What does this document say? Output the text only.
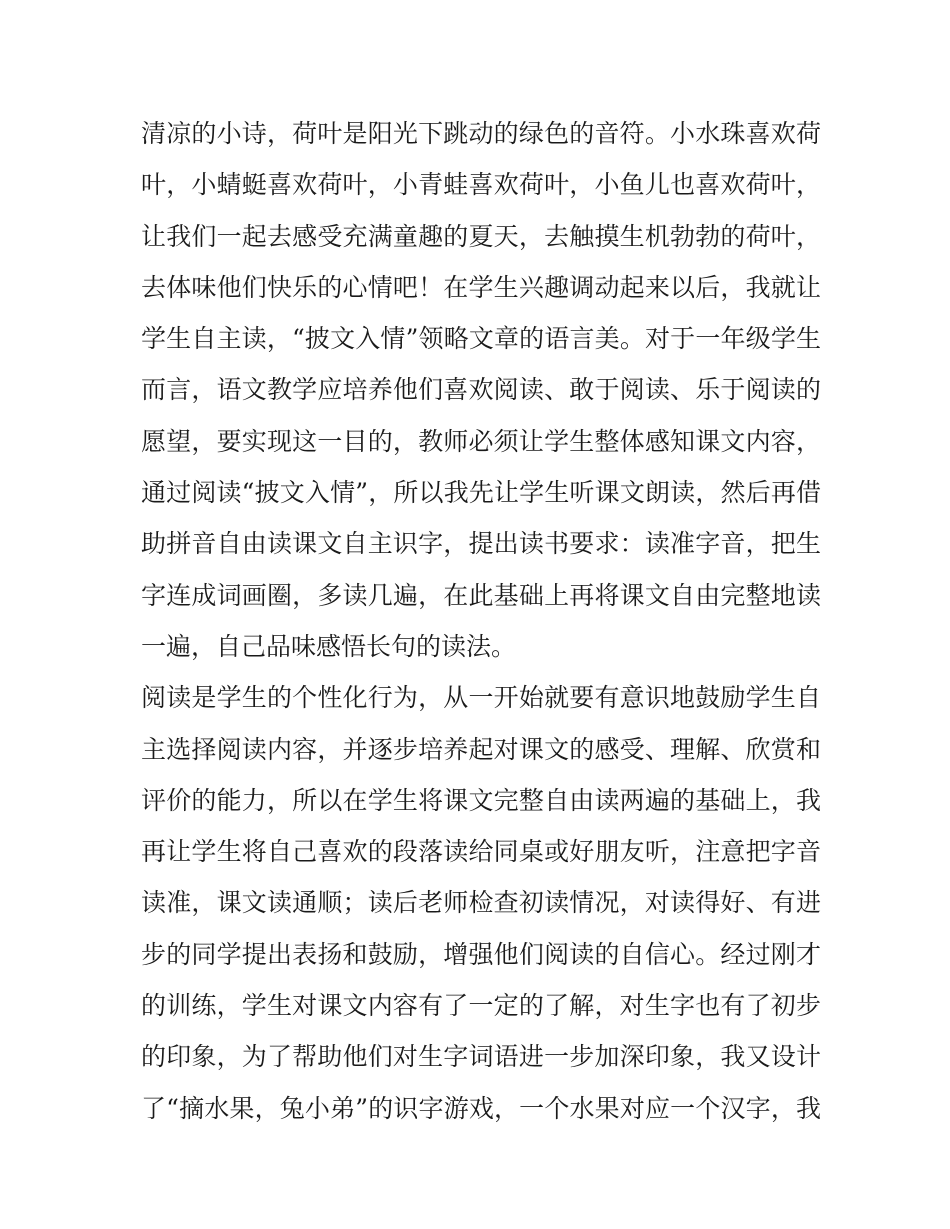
清凉的小诗，荷叶是阳光下跳动的绿色的音符。小水珠喜欢荷
叶，小蜻蜓喜欢荷叶，小青蛙喜欢荷叶，小鱼儿也喜欢荷叶，
让我们一起去感受充满童趣的夏天，去触摸生机勃勃的荷叶，
去体味他们快乐的心情吧！在学生兴趣调动起来以后，我就让
学生自主读，“披文入情”领略文章的语言美。对于一年级学生
而言，语文教学应培养他们喜欢阅读、敢于阅读、乐于阅读的
愿望，要实现这一目的，教师必须让学生整体感知课文内容，
通过阅读“披文入情”，所以我先让学生听课文朗读，然后再借
助拼音自由读课文自主识字，提出读书要求：读准字音，把生
字连成词画圈，多读几遍，在此基础上再将课文自由完整地读
一遍，自己品味感悟长句的读法。
阅读是学生的个性化行为，从一开始就要有意识地鼓励学生自
主选择阅读内容，并逐步培养起对课文的感受、理解、欣赏和
评价的能力，所以在学生将课文完整自由读两遍的基础上，我
再让学生将自己喜欢的段落读给同桌或好朋友听，注意把字音
读准，课文读通顺；读后老师检查初读情况，对读得好、有进
步的同学提出表扬和鼓励，增强他们阅读的自信心。经过刚才
的训练，学生对课文内容有了一定的了解，对生字也有了初步
的印象，为了帮助他们对生字词语进一步加深印象，我又设计
了“摘水果，兔小弟”的识字游戏，一个水果对应一个汉字，我
